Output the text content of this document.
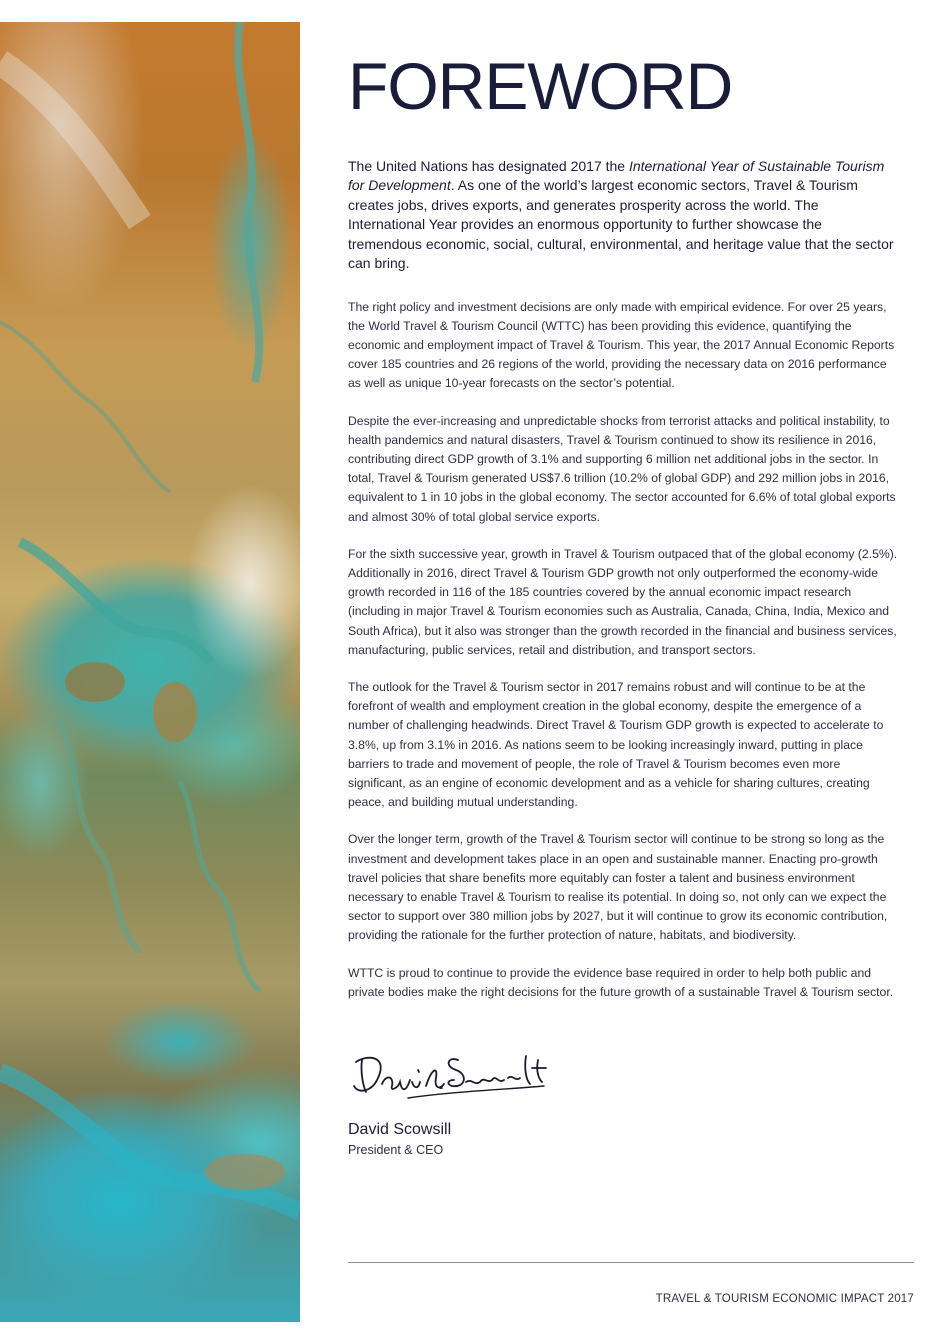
FOREWORD

The United Nations has designated 2017 the International Year of Sustainable Tourism for Development. As one of the world’s largest economic sectors, Travel & Tourism creates jobs, drives exports, and generates prosperity across the world. The International Year provides an enormous opportunity to further showcase the tremendous economic, social, cultural, environmental, and heritage value that the sector can bring.

The right policy and investment decisions are only made with empirical evidence. For over 25 years, the World Travel & Tourism Council (WTTC) has been providing this evidence, quantifying the economic and employment impact of Travel & Tourism. This year, the 2017 Annual Economic Reports cover 185 countries and 26 regions of the world, providing the necessary data on 2016 performance as well as unique 10-year forecasts on the sector’s potential.

Despite the ever-increasing and unpredictable shocks from terrorist attacks and political instability, to health pandemics and natural disasters, Travel & Tourism continued to show its resilience in 2016, contributing direct GDP growth of 3.1% and supporting 6 million net additional jobs in the sector. In total, Travel & Tourism generated US$7.6 trillion (10.2% of global GDP) and 292 million jobs in 2016, equivalent to 1 in 10 jobs in the global economy. The sector accounted for 6.6% of total global exports and almost 30% of total global service exports.

For the sixth successive year, growth in Travel & Tourism outpaced that of the global economy (2.5%). Additionally in 2016, direct Travel & Tourism GDP growth not only outperformed the economy-wide growth recorded in 116 of the 185 countries covered by the annual economic impact research (including in major Travel & Tourism economies such as Australia, Canada, China, India, Mexico and South Africa), but it also was stronger than the growth recorded in the financial and business services, manufacturing, public services, retail and distribution, and transport sectors.

The outlook for the Travel & Tourism sector in 2017 remains robust and will continue to be at the forefront of wealth and employment creation in the global economy, despite the emergence of a number of challenging headwinds. Direct Travel & Tourism GDP growth is expected to accelerate to 3.8%, up from 3.1% in 2016. As nations seem to be looking increasingly inward, putting in place barriers to trade and movement of people, the role of Travel & Tourism becomes even more significant, as an engine of economic development and as a vehicle for sharing cultures, creating peace, and building mutual understanding.

Over the longer term, growth of the Travel & Tourism sector will continue to be strong so long as the investment and development takes place in an open and sustainable manner. Enacting pro-growth travel policies that share benefits more equitably can foster a talent and business environment necessary to enable Travel & Tourism to realise its potential. In doing so, not only can we expect the sector to support over 380 million jobs by 2027, but it will continue to grow its economic contribution, providing the rationale for the further protection of nature, habitats, and biodiversity.

WTTC is proud to continue to provide the evidence base required in order to help both public and private bodies make the right decisions for the future growth of a sustainable Travel & Tourism sector.

David Scowsill
President & CEO
TRAVEL & TOURISM ECONOMIC IMPACT 2017
